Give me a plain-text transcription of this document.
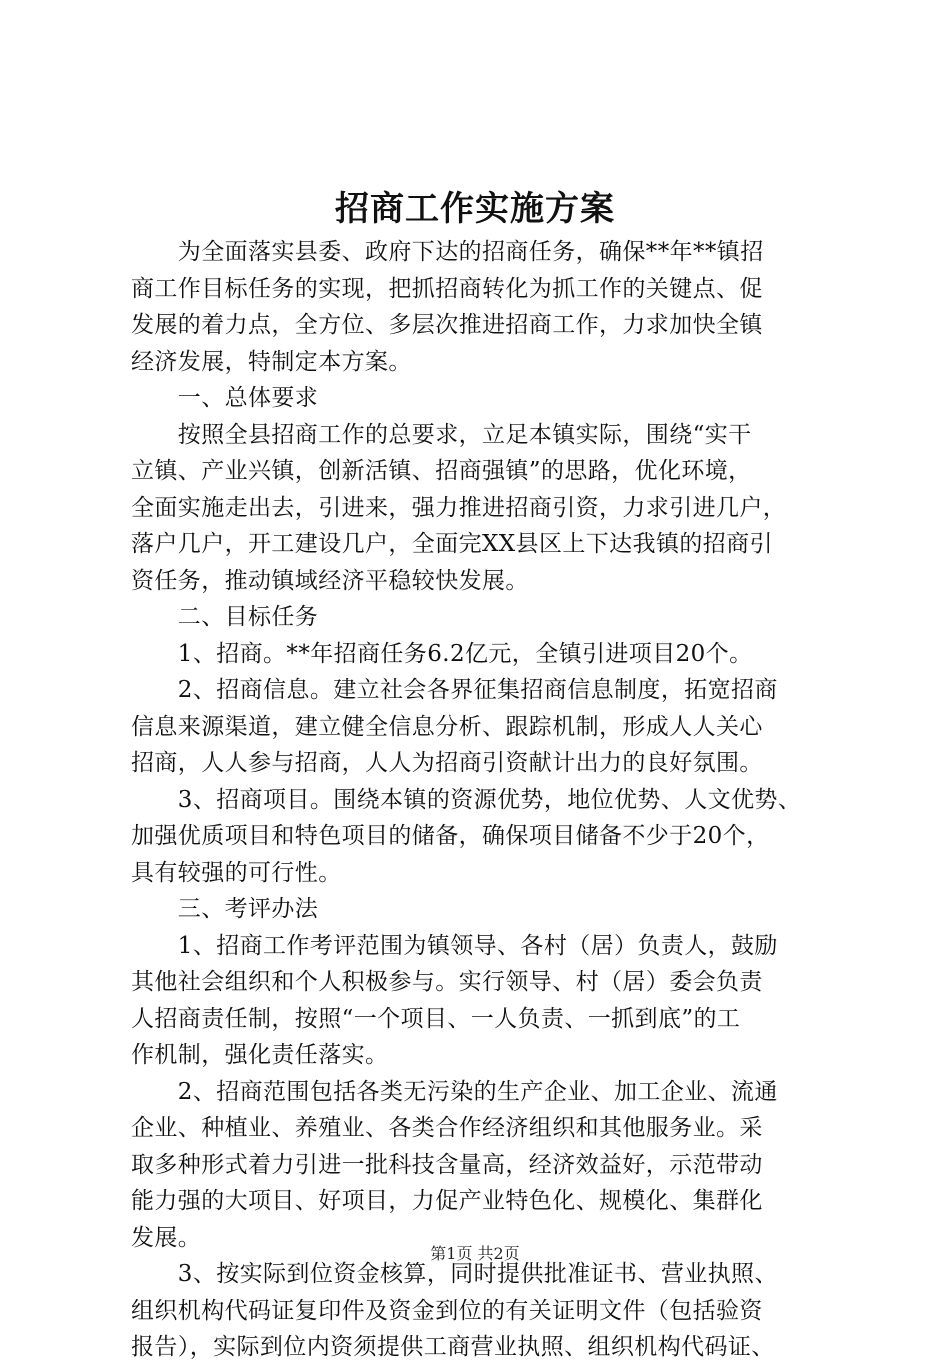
招商工作实施方案
　　为全面落实县委、政府下达的招商任务，确保**年**镇招
商工作目标任务的实现，把抓招商转化为抓工作的关键点、促
发展的着力点，全方位、多层次推进招商工作，力求加快全镇
经济发展，特制定本方案。
　　一、总体要求
　　按照全县招商工作的总要求，立足本镇实际，围绕“实干
立镇、产业兴镇，创新活镇、招商强镇”的思路，优化环境，
全面实施走出去，引进来，强力推进招商引资，力求引进几户，
落户几户，开工建设几户，全面完XX县区上下达我镇的招商引
资任务，推动镇域经济平稳较快发展。
　　二、目标任务
　　1、招商。**年招商任务6.2亿元，全镇引进项目20个。
　　2、招商信息。建立社会各界征集招商信息制度，拓宽招商
信息来源渠道，建立健全信息分析、跟踪机制，形成人人关心
招商，人人参与招商，人人为招商引资献计出力的良好氛围。
　　3、招商项目。围绕本镇的资源优势，地位优势、人文优势、
加强优质项目和特色项目的储备，确保项目储备不少于20个，
具有较强的可行性。
　　三、考评办法
　　1、招商工作考评范围为镇领导、各村（居）负责人，鼓励
其他社会组织和个人积极参与。实行领导、村（居）委会负责
人招商责任制，按照“一个项目、一人负责、一抓到底”的工
作机制，强化责任落实。
　　2、招商范围包括各类无污染的生产企业、加工企业、流通
企业、种植业、养殖业、各类合作经济组织和其他服务业。采
取多种形式着力引进一批科技含量高，经济效益好，示范带动
能力强的大项目、好项目，力促产业特色化、规模化、集群化
发展。
　　3、按实际到位资金核算，同时提供批准证书、营业执照、
组织机构代码证复印件及资金到位的有关证明文件（包括验资
报告），实际到位内资须提供工商营业执照、组织机构代码证、
第1页 共2页
